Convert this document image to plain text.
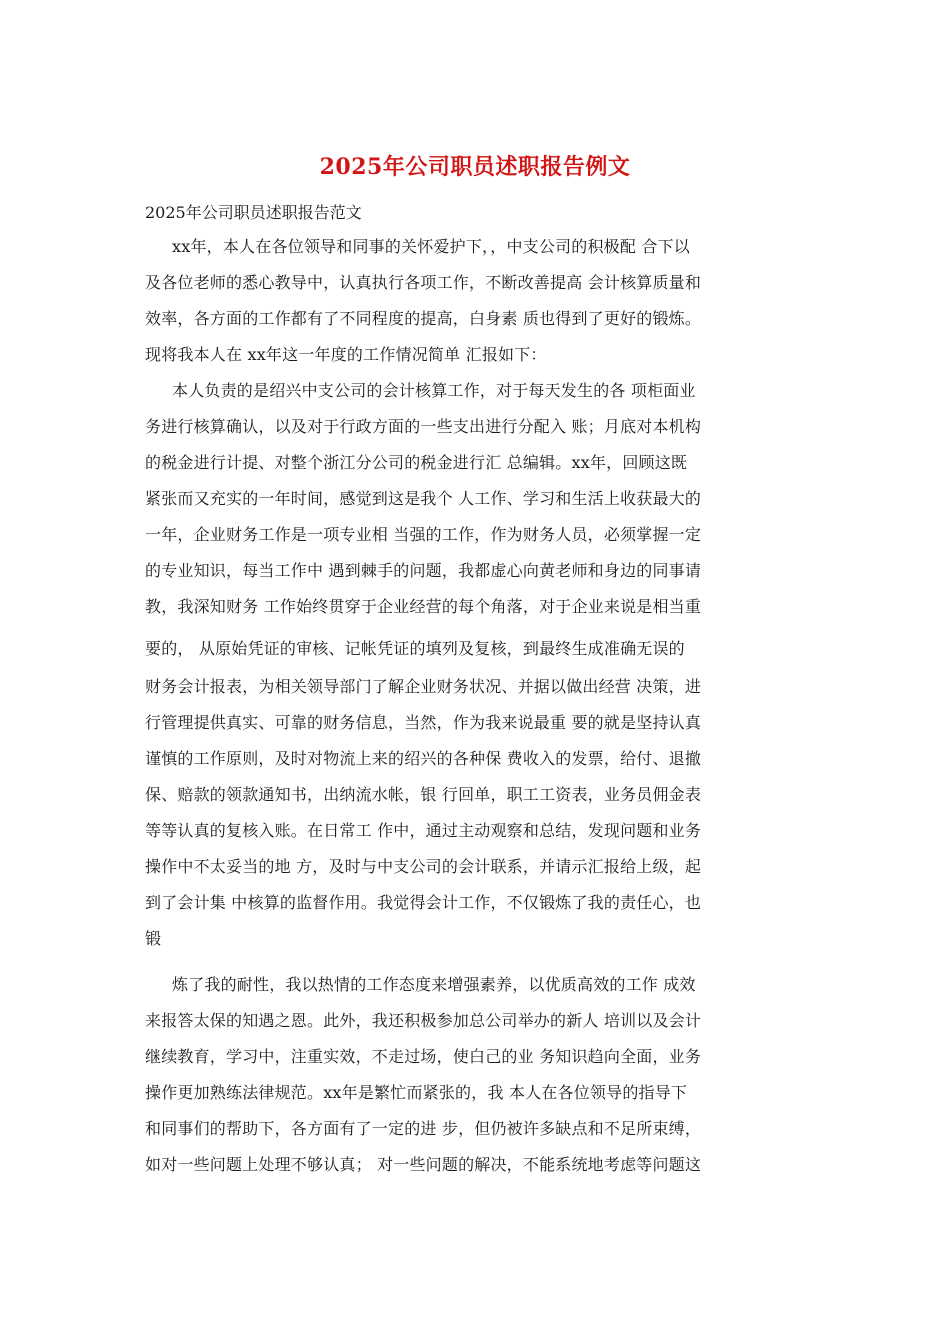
2025年公司职员述职报告例文
2025年公司职员述职报告范文
xx年，本人在各位领导和同事的关怀爱护下，，中支公司的积极配 合下以
及各位老师的悉心教导中，认真执行各项工作，不断改善提高 会计核算质量和
效率，各方面的工作都有了不同程度的提高，白身素 质也得到了更好的锻炼。
现将我本人在 xx年这一年度的工作情况简单 汇报如下：
本人负责的是绍兴中支公司的会计核算工作，对于每天发生的各 项柜面业
务进行核算确认，以及对于行政方面的一些支出进行分配入 账；月底对本机构
的税金进行计提、对整个浙江分公司的税金进行汇 总编辑。xx年，回顾这既
紧张而又充实的一年时间，感觉到这是我个 人工作、学习和生活上收获最大的
一年，企业财务工作是一项专业相 当强的工作，作为财务人员，必须掌握一定
的专业知识，每当工作中 遇到棘手的问题，我都虚心向黄老师和身边的同事请
教，我深知财务 工作始终贯穿于企业经营的每个角落，对于企业来说是相当重
要的， 从原始凭证的审核、记帐凭证的填列及复核，到最终生成准确无误的
财务会计报表，为相关领导部门了解企业财务状况、并据以做出经营 决策，进
行管理提供真实、可靠的财务信息，当然，作为我来说最重 要的就是坚持认真
谨慎的工作原则，及时对物流上来的绍兴的各种保 费收入的发票，给付、退撤
保、赔款的领款通知书，出纳流水帐，银 行回单，职工工资表，业务员佣金表
等等认真的复核入账。在日常工 作中，通过主动观察和总结，发现问题和业务
操作中不太妥当的地 方，及时与中支公司的会计联系，并请示汇报给上级，起
到了会计集 中核算的监督作用。我觉得会计工作，不仅锻炼了我的责任心，也
锻
炼了我的耐性，我以热情的工作态度来增强素养，以优质高效的工作 成效
来报答太保的知遇之恩。此外，我还积极参加总公司举办的新人 培训以及会计
继续教育，学习中，注重实效，不走过场，使白己的业 务知识趋向全面，业务
操作更加熟练法律规范。xx年是繁忙而紧张的，我 本人在各位领导的指导下
和同事们的帮助下，各方面有了一定的进 步，但仍被许多缺点和不足所束缚，
如对一些问题上处理不够认真； 对一些问题的解决，不能系统地考虑等问题这
